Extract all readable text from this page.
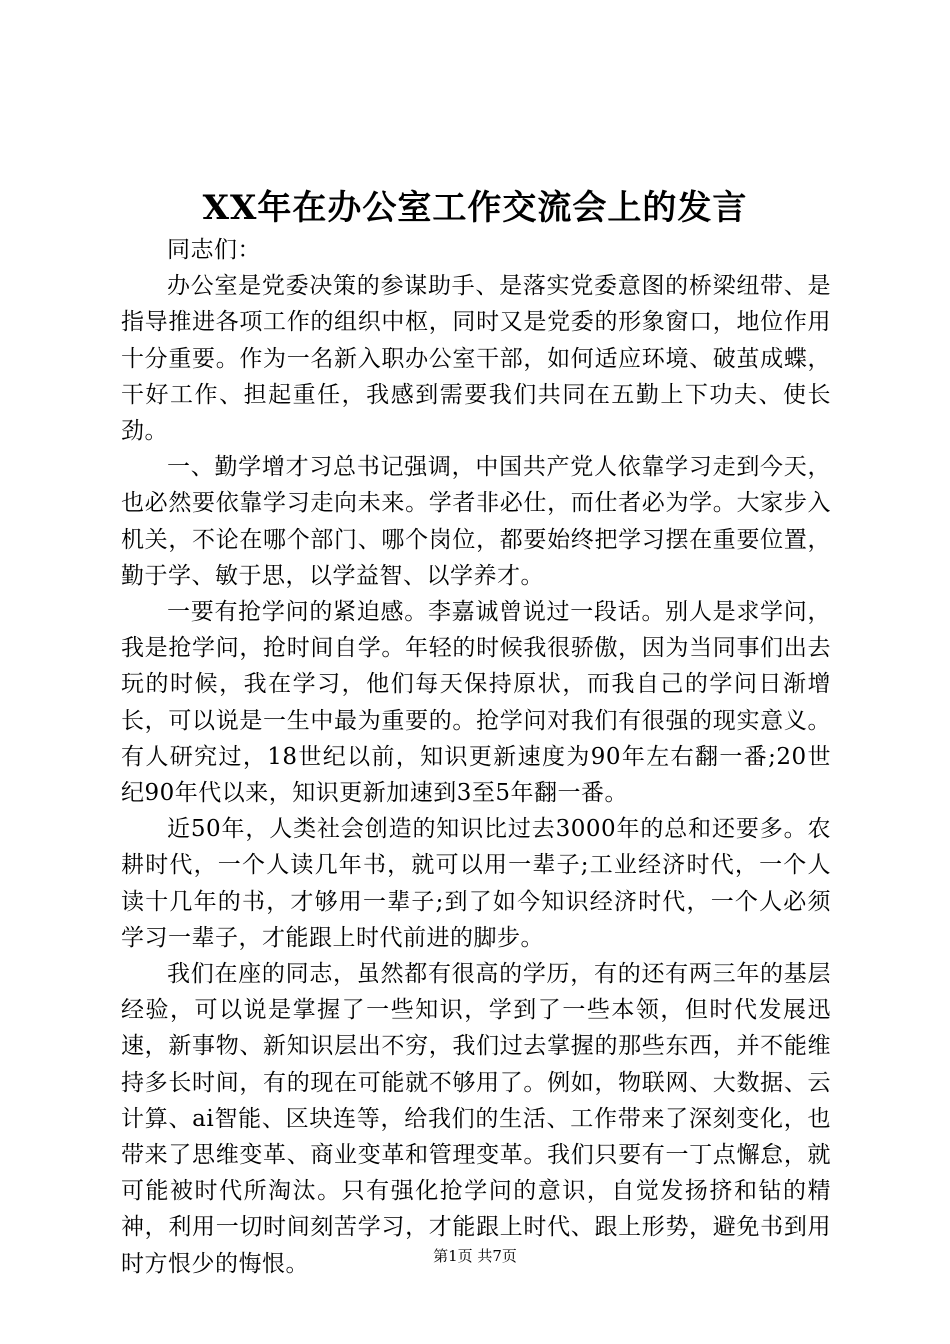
XX年在办公室工作交流会上的发言

同志们：

办公室是党委决策的参谋助手、是落实党委意图的桥梁纽带、是指导推进各项工作的组织中枢，同时又是党委的形象窗口，地位作用十分重要。作为一名新入职办公室干部，如何适应环境、破茧成蝶，干好工作、担起重任，我感到需要我们共同在五勤上下功夫、使长劲。

一、勤学增才习总书记强调，中国共产党人依靠学习走到今天，也必然要依靠学习走向未来。学者非必仕，而仕者必为学。大家步入机关，不论在哪个部门、哪个岗位，都要始终把学习摆在重要位置，勤于学、敏于思，以学益智、以学养才。

一要有抢学问的紧迫感。李嘉诚曾说过一段话。别人是求学问，我是抢学问，抢时间自学。年轻的时候我很骄傲，因为当同事们出去玩的时候，我在学习，他们每天保持原状，而我自己的学问日渐增长，可以说是一生中最为重要的。抢学问对我们有很强的现实意义。有人研究过，18世纪以前，知识更新速度为90年左右翻一番;20世纪90年代以来，知识更新加速到3至5年翻一番。

近50年，人类社会创造的知识比过去3000年的总和还要多。农耕时代，一个人读几年书，就可以用一辈子;工业经济时代，一个人读十几年的书，才够用一辈子;到了如今知识经济时代，一个人必须学习一辈子，才能跟上时代前进的脚步。

我们在座的同志，虽然都有很高的学历，有的还有两三年的基层经验，可以说是掌握了一些知识，学到了一些本领，但时代发展迅速，新事物、新知识层出不穷，我们过去掌握的那些东西，并不能维持多长时间，有的现在可能就不够用了。例如，物联网、大数据、云计算、ai智能、区块连等，给我们的生活、工作带来了深刻变化，也带来了思维变革、商业变革和管理变革。我们只要有一丁点懈怠，就可能被时代所淘汰。只有强化抢学问的意识，自觉发扬挤和钻的精神，利用一切时间刻苦学习，才能跟上时代、跟上形势，避免书到用时方恨少的悔恨。	第1页 共7页
